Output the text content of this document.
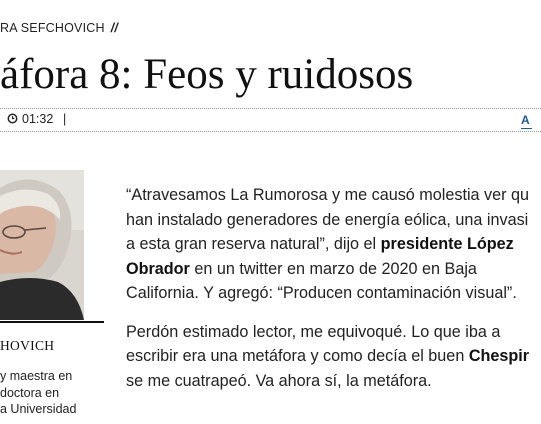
RA SEFCHOVICH //
áfora 8: Feos y ruidosos
01:32 |	A
HOVICH
y maestra en
doctora en
a Universidad
“Atravesamos La Rumorosa y me causó molestia ver qu
han instalado generadores de energía eólica, una invasi
a esta gran reserva natural”, dijo el presidente López
Obrador en un twitter en marzo de 2020 en Baja
California. Y agregó: “Producen contaminación visual”.
Perdón estimado lector, me equivoqué. Lo que iba a
escribir era una metáfora y como decía el buen Chespir
se me cuatrapeó. Va ahora sí, la metáfora.
